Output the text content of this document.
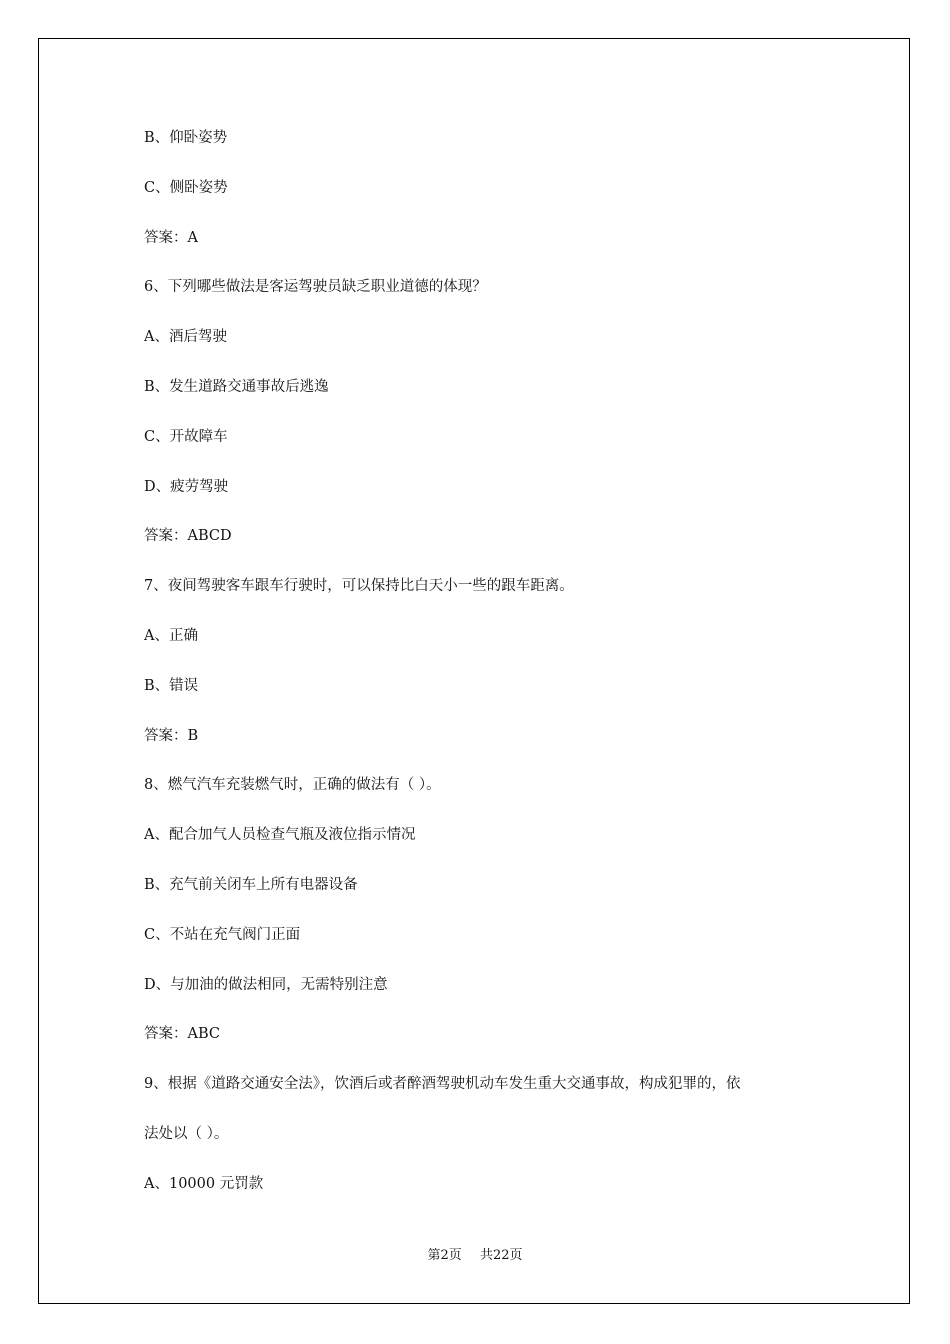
B、仰卧姿势
C、侧卧姿势
答案：A
6、下列哪些做法是客运驾驶员缺乏职业道德的体现？
A、酒后驾驶
B、发生道路交通事故后逃逸
C、开故障车
D、疲劳驾驶
答案：ABCD
7、夜间驾驶客车跟车行驶时，可以保持比白天小一些的跟车距离。
A、正确
B、错误
答案：B
8、燃气汽车充装燃气时，正确的做法有（ ）。
A、配合加气人员检查气瓶及液位指示情况
B、充气前关闭车上所有电器设备
C、不站在充气阀门正面
D、与加油的做法相同，无需特别注意
答案：ABC
9、根据《道路交通安全法》，饮酒后或者醉酒驾驶机动车发生重大交通事故，构成犯罪的，依
法处以（ ）。
A、10000 元罚款
第2页 共22页
